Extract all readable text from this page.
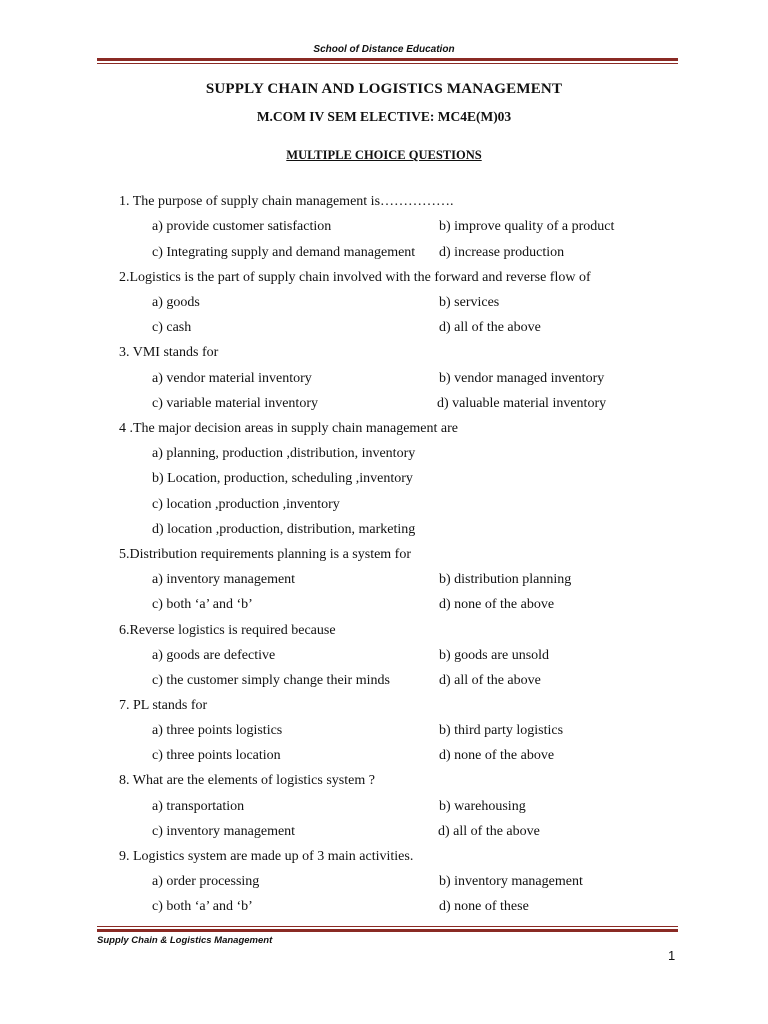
School of Distance Education
SUPPLY CHAIN AND LOGISTICS MANAGEMENT
M.COM IV SEM ELECTIVE: MC4E(M)03
MULTIPLE CHOICE QUESTIONS
1. The purpose of supply chain management is…………….
a) provide customer satisfaction	b) improve quality of a product
c) Integrating supply and demand management d) increase production
2.Logistics is the part of supply chain involved with the forward and reverse flow of
a) goods	b) services
c) cash	d) all of the above
3. VMI stands for
a) vendor material inventory	b) vendor managed inventory
c) variable material inventory	d) valuable material inventory
4 .The major decision areas in supply chain management are
a) planning, production ,distribution, inventory
b) Location, production, scheduling ,inventory
c) location ,production ,inventory
d) location ,production, distribution, marketing
5.Distribution requirements planning is a system for
a) inventory management	b) distribution planning
c) both ‘a’ and ‘b’	d) none of the above
6.Reverse logistics is required because
a) goods are defective	b) goods are unsold
c) the customer simply change their minds	d) all of the above
7. PL stands for
a) three points logistics	b) third party logistics
c) three points location	d) none of the above
8. What are the elements of logistics system ?
a) transportation	b) warehousing
c) inventory management	d) all of the above
9. Logistics system are made up of 3 main activities.
a) order processing	b) inventory management
c) both ‘a’ and ‘b’	d) none of these
Supply Chain & Logistics Management
1
